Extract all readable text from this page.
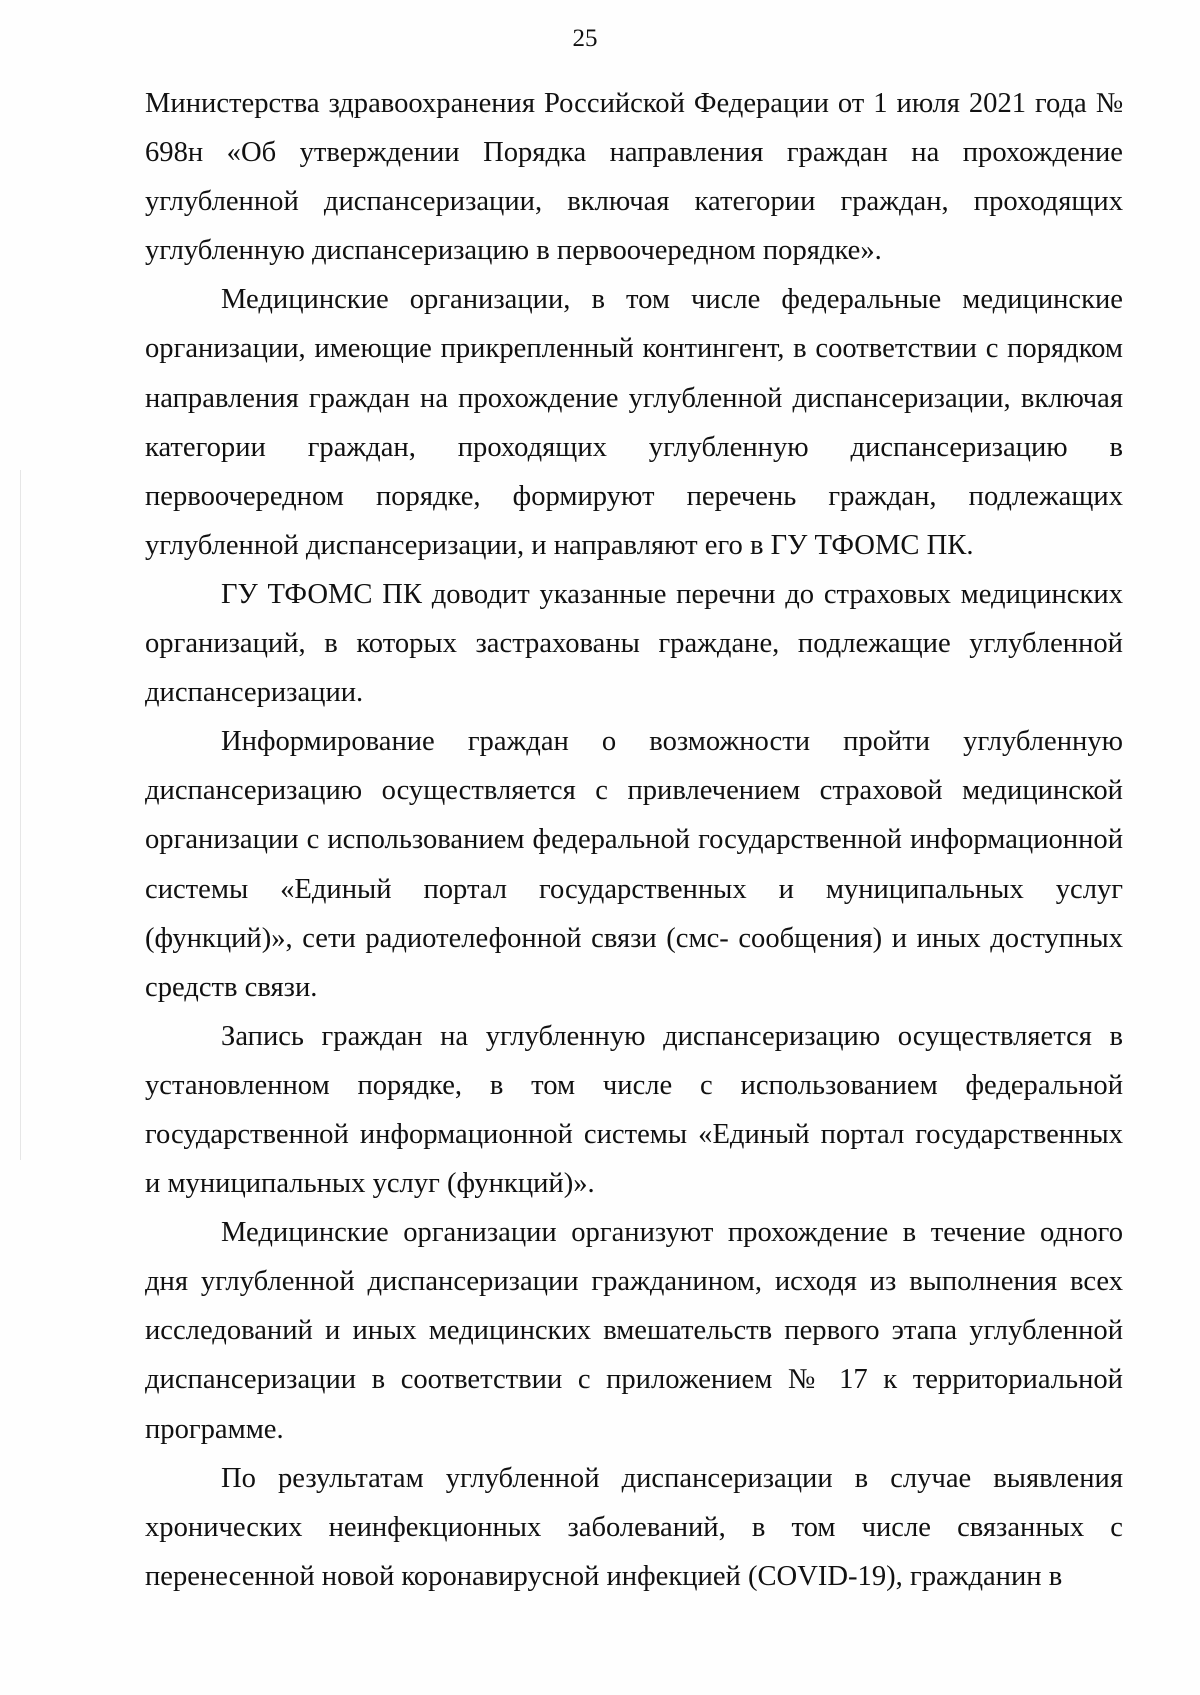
25

Министерства здравоохранения Российской Федерации от 1 июля 2021 года № 698н «Об утверждении Порядка направления граждан на прохождение углубленной диспансеризации, включая категории граждан, проходящих углубленную диспансеризацию в первоочередном порядке».

Медицинские организации, в том числе федеральные медицинские организации, имеющие прикрепленный контингент, в соответствии с порядком направления граждан на прохождение углубленной диспансеризации, включая категории граждан, проходящих углубленную диспансеризацию в первоочередном порядке, формируют перечень граждан, подлежащих углубленной диспансеризации, и направляют его в ГУ ТФОМС ПК.

ГУ ТФОМС ПК доводит указанные перечни до страховых медицинских организаций, в которых застрахованы граждане, подлежащие углубленной диспансеризации.

Информирование граждан о возможности пройти углубленную диспансеризацию осуществляется с привлечением страховой медицинской организации с использованием федеральной государственной информационной системы «Единый портал государственных и муниципальных услуг (функций)», сети радиотелефонной связи (смс- сообщения) и иных доступных средств связи.

Запись граждан на углубленную диспансеризацию осуществляется в установленном порядке, в том числе с использованием федеральной государственной информационной системы «Единый портал государственных и муниципальных услуг (функций)».

Медицинские организации организуют прохождение в течение одного дня углубленной диспансеризации гражданином, исходя из выполнения всех исследований и иных медицинских вмешательств первого этапа углубленной диспансеризации в соответствии с приложением № 17 к территориальной программе.

По результатам углубленной диспансеризации в случае выявления хронических неинфекционных заболеваний, в том числе связанных с перенесенной новой коронавирусной инфекцией (COVID-19), гражданин в
